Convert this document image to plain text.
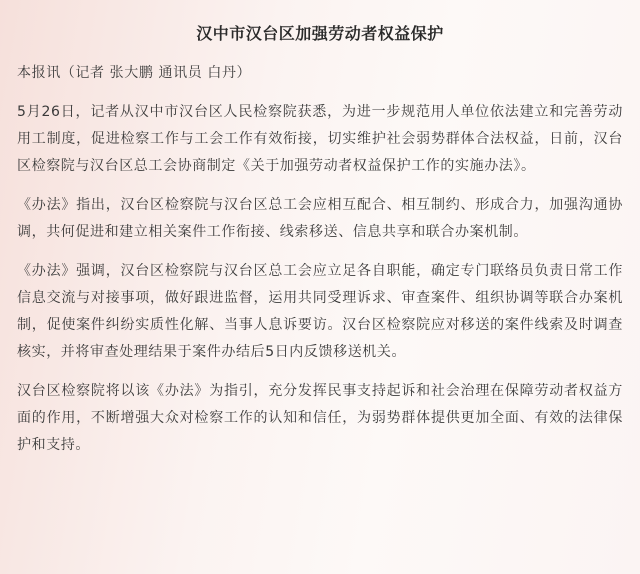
汉中市汉台区加强劳动者权益保护

本报讯（记者 张大鹏 通讯员 白丹）

5月26日，记者从汉中市汉台区人民检察院获悉，为进一步规范用人单位依法建立和完善劳动用工制度，促进检察工作与工会工作有效衔接，切实维护社会弱势群体合法权益，日前，汉台区检察院与汉台区总工会协商制定《关于加强劳动者权益保护工作的实施办法》。

《办法》指出，汉台区检察院与汉台区总工会应相互配合、相互制约、形成合力，加强沟通协调，共何促进和建立相关案件工作衔接、线索移送、信息共享和联合办案机制。

《办法》强调，汉台区检察院与汉台区总工会应立足各自职能，确定专门联络员负责日常工作信息交流与对接事项，做好跟进监督，运用共同受理诉求、审查案件、组织协调等联合办案机制，促使案件纠纷实质性化解、当事人息诉要访。汉台区检察院应对移送的案件线索及时调查核实，并将审查处理结果于案件办结后5日内反馈移送机关。

汉台区检察院将以该《办法》为指引，充分发挥民事支持起诉和社会治理在保障劳动者权益方面的作用，不断增强大众对检察工作的认知和信任，为弱势群体提供更加全面、有效的法律保护和支持。
